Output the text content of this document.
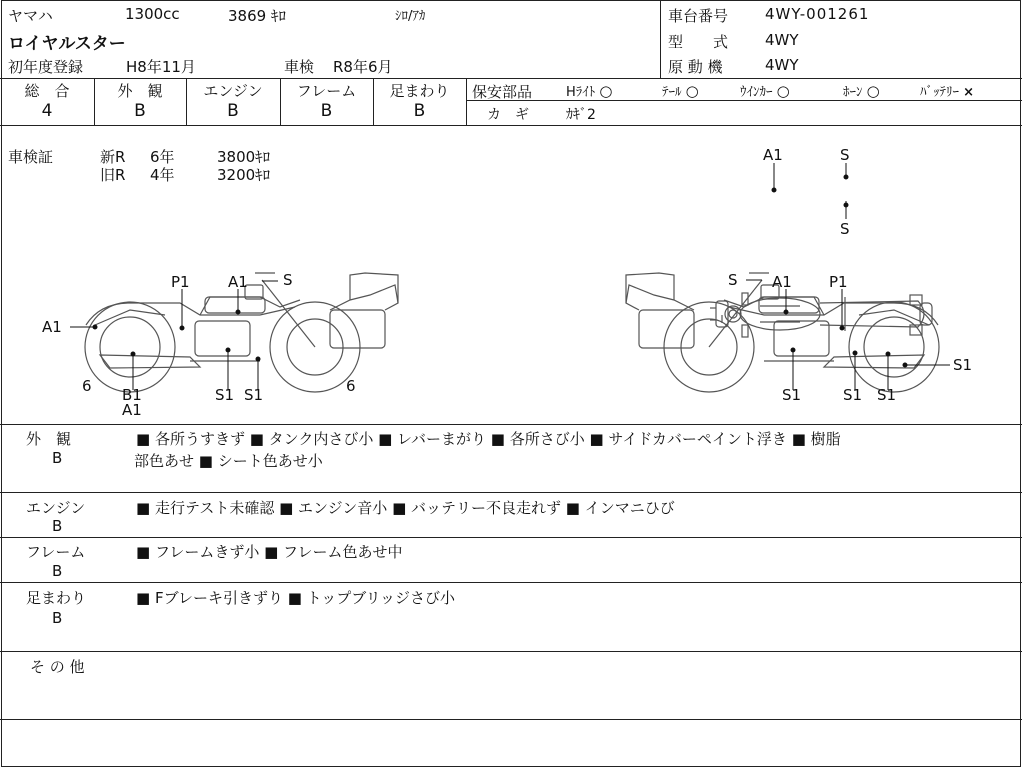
ヤマハ	1300cc	3869 ｷﾛ	ｼﾛ/ｱｶ
ロイヤルスター
初年度登録	H8年11月	車検 R8年6月
車台番号 4WY-001261
型　　式 4WY
原 動 機	4WY
総　合
4
外　観
B
エンジン
B
フレーム
B
足まわり
B
保安部品	Hﾗｲﾄ ○	ﾃｰﾙ ○	ｳｲﾝｶｰ ○	ﾎｰﾝ ○	ﾊﾞｯﾃﾘｰ ×
カ　ギ	ｶｷﾞ2
車検証	新R 6年	3800ｷﾛ
旧R 4年	3200ｷﾛ
A1	S
S
P1	A1 S
A1
6	6
B1
A1
S1 S1
S A1 P1
S1
S1	S1 S1
外　観
B
■ 各所うすきず ■ タンク内さび小 ■ レバーまがり ■ 各所さび小 ■ サイドカバーペイント浮き ■ 樹脂
部色あせ ■ シート色あせ小
エンジン
B
■ 走行テスト未確認 ■ エンジン音小 ■ バッテリー不良走れず ■ インマニひび
フレーム
B
■ フレームきず小 ■ フレーム色あせ中
足まわり
B
■ Fブレーキ引きずり ■ トップブリッジさび小
そ の 他
